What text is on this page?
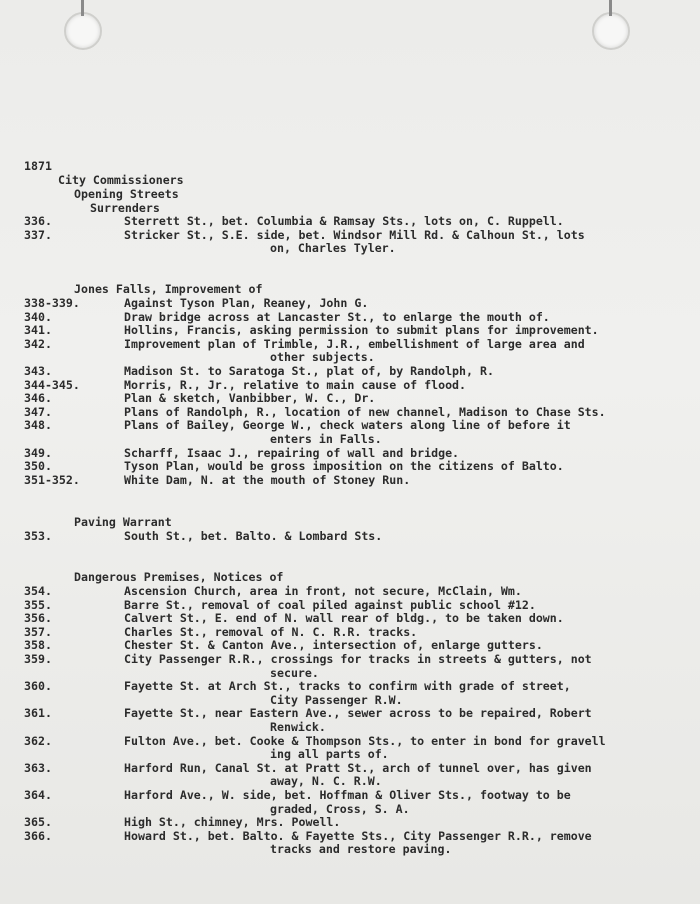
1871
City Commissioners
Opening Streets
Surrenders
336.	Sterrett St., bet. Columbia & Ramsay Sts., lots on, C. Ruppell.
337.	Stricker St., S.E. side, bet. Windsor Mill Rd. & Calhoun St., lots
on, Charles Tyler.
Jones Falls, Improvement of
338-339.	Against Tyson Plan, Reaney, John G.
340.	Draw bridge across at Lancaster St., to enlarge the mouth of.
341.	Hollins, Francis, asking permission to submit plans for improvement.
342.	Improvement plan of Trimble, J.R., embellishment of large area and
other subjects.
343.	Madison St. to Saratoga St., plat of, by Randolph, R.
344-345.	Morris, R., Jr., relative to main cause of flood.
346.	Plan & sketch, Vanbibber, W. C., Dr.
347.	Plans of Randolph, R., location of new channel, Madison to Chase Sts.
348.	Plans of Bailey, George W., check waters along line of before it
enters in Falls.
349.	Scharff, Isaac J., repairing of wall and bridge.
350.	Tyson Plan, would be gross imposition on the citizens of Balto.
351-352.	White Dam, N. at the mouth of Stoney Run.
Paving Warrant
353.	South St., bet. Balto. & Lombard Sts.
Dangerous Premises, Notices of
354.	Ascension Church, area in front, not secure, McClain, Wm.
355.	Barre St., removal of coal piled against public school #12.
356.	Calvert St., E. end of N. wall rear of bldg., to be taken down.
357.	Charles St., removal of N. C. R.R. tracks.
358.	Chester St. & Canton Ave., intersection of, enlarge gutters.
359.	City Passenger R.R., crossings for tracks in streets & gutters, not
secure.
360.	Fayette St. at Arch St., tracks to confirm with grade of street,
City Passenger R.W.
361.	Fayette St., near Eastern Ave., sewer across to be repaired, Robert
Renwick.
362.	Fulton Ave., bet. Cooke & Thompson Sts., to enter in bond for gravell
ing all parts of.
363.	Harford Run, Canal St. at Pratt St., arch of tunnel over, has given
away, N. C. R.W.
364.	Harford Ave., W. side, bet. Hoffman & Oliver Sts., footway to be
graded, Cross, S. A.
365.	High St., chimney, Mrs. Powell.
366.	Howard St., bet. Balto. & Fayette Sts., City Passenger R.R., remove
tracks and restore paving.
